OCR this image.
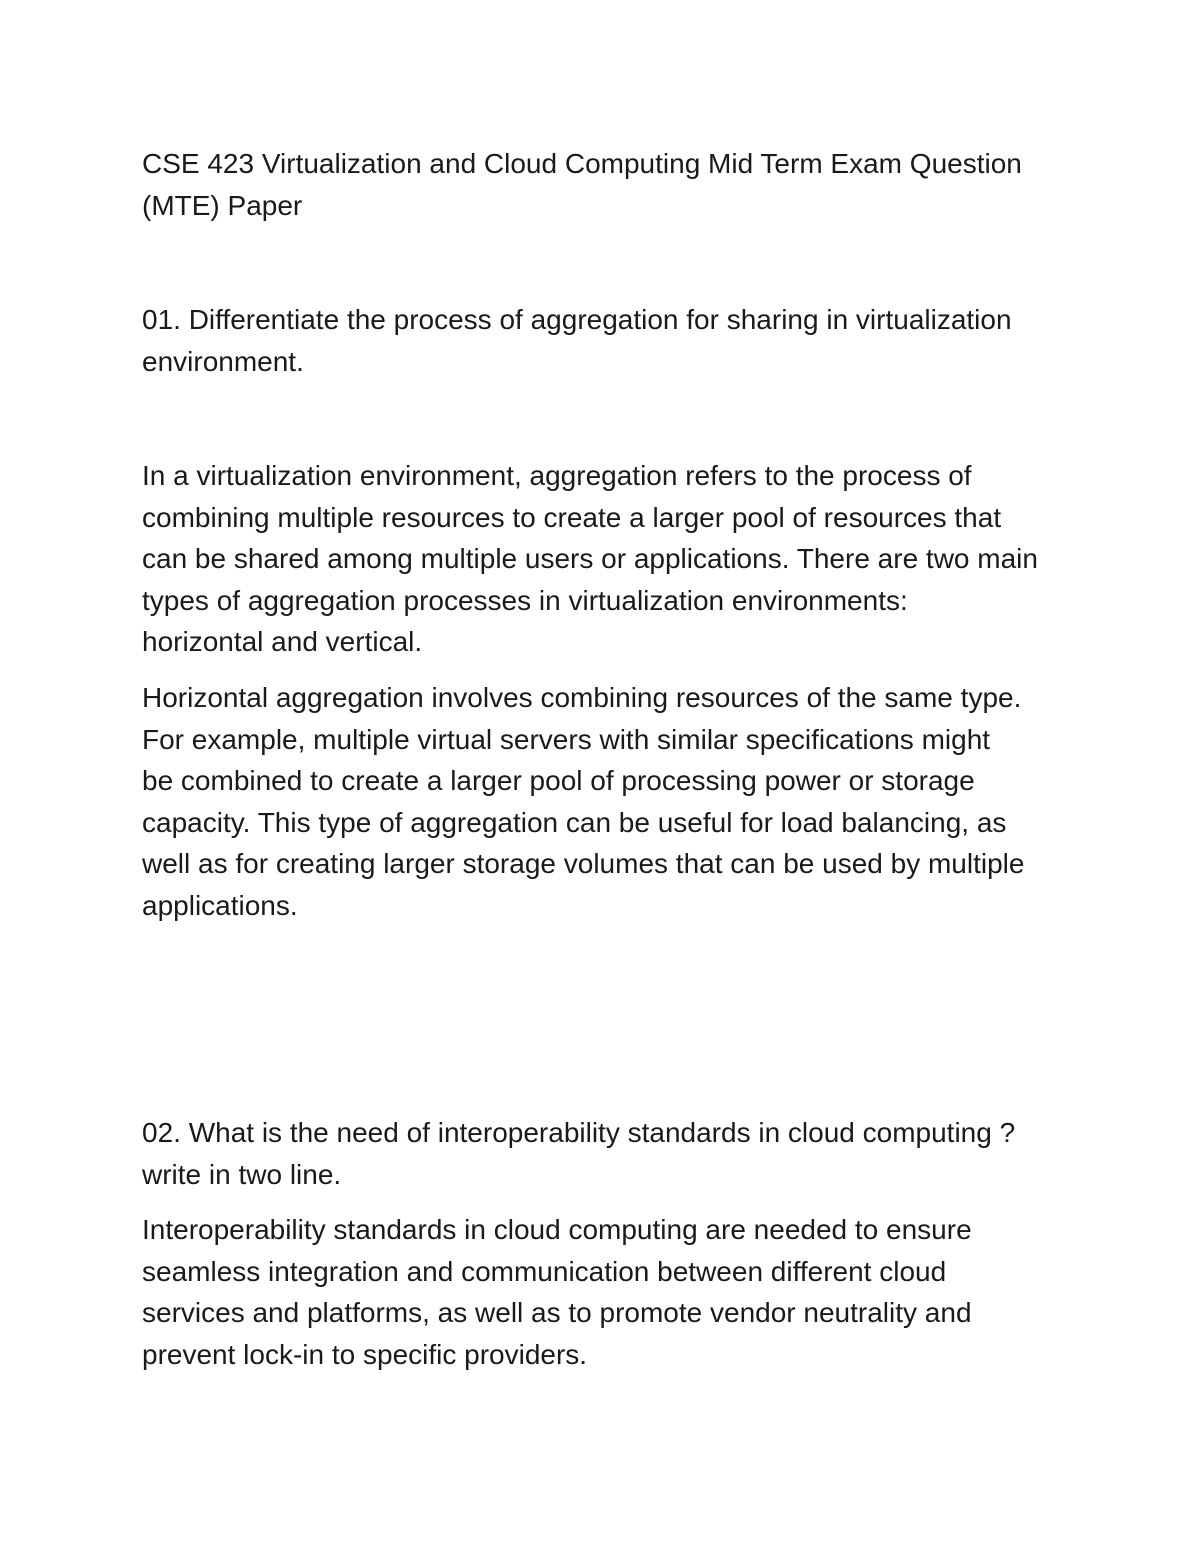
CSE 423 Virtualization and Cloud Computing Mid Term Exam Question
(MTE) Paper
01. Differentiate the process of aggregation for sharing in virtualization
environment.
In a virtualization environment, aggregation refers to the process of
combining multiple resources to create a larger pool of resources that
can be shared among multiple users or applications. There are two main
types of aggregation processes in virtualization environments:
horizontal and vertical.
Horizontal aggregation involves combining resources of the same type.
For example, multiple virtual servers with similar specifications might
be combined to create a larger pool of processing power or storage
capacity. This type of aggregation can be useful for load balancing, as
well as for creating larger storage volumes that can be used by multiple
applications.
02. What is the need of interoperability standards in cloud computing ?
write in two line.
Interoperability standards in cloud computing are needed to ensure
seamless integration and communication between different cloud
services and platforms, as well as to promote vendor neutrality and
prevent lock-in to specific providers.
